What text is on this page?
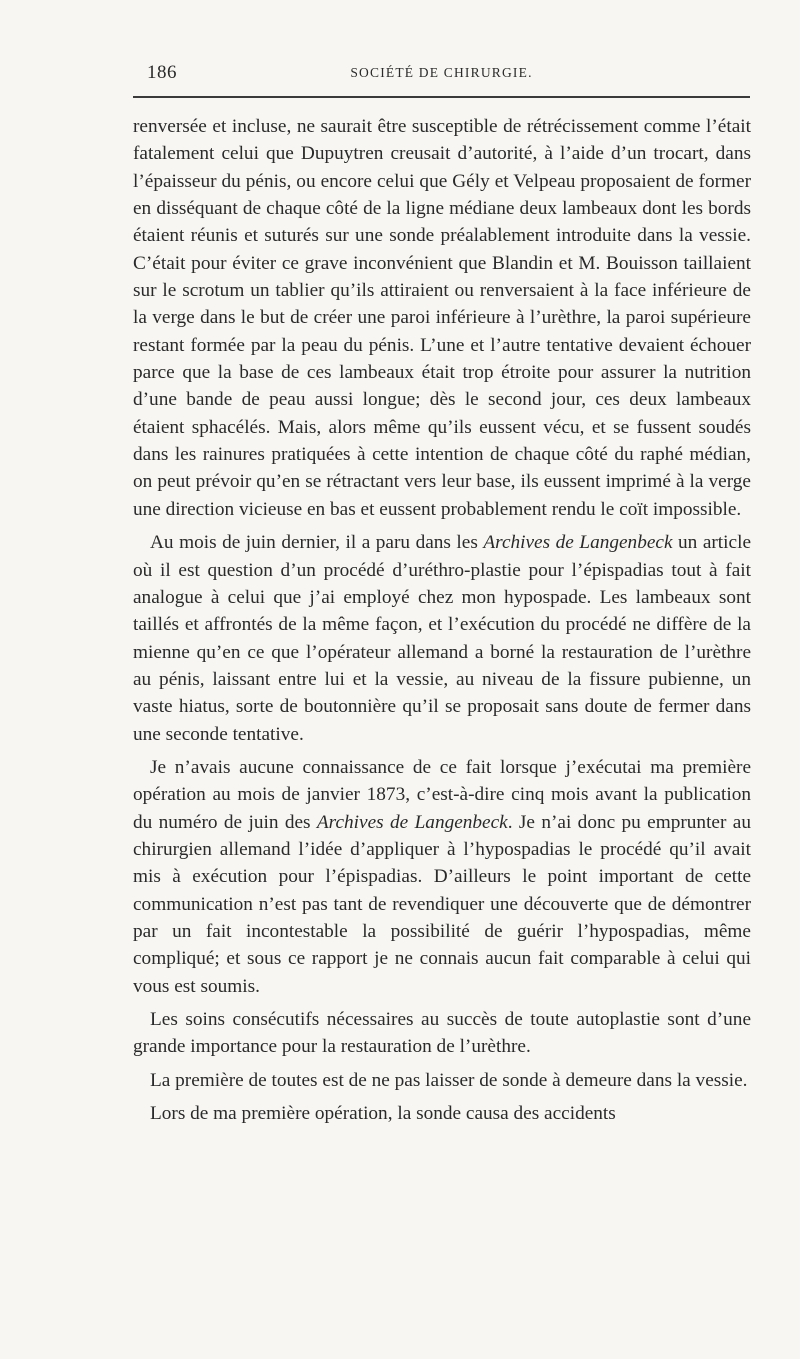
186	SOCIÉTÉ DE CHIRURGIE.

renversée et incluse, ne saurait être susceptible de rétrécissement comme l’était fatalement celui que Dupuytren creusait d’autorité, à l’aide d’un trocart, dans l’épaisseur du pénis, ou encore celui que Gély et Velpeau proposaient de former en disséquant de chaque côté de la ligne médiane deux lambeaux dont les bords étaient réunis et suturés sur une sonde préalablement introduite dans la vessie. C’était pour éviter ce grave inconvénient que Blandin et M. Bouisson taillaient sur le scrotum un tablier qu’ils attiraient ou renversaient à la face inférieure de la verge dans le but de créer une paroi inférieure à l’urèthre, la paroi supérieure restant formée par la peau du pénis. L’une et l’autre tentative devaient échouer parce que la base de ces lambeaux était trop étroite pour assurer la nutrition d’une bande de peau aussi longue; dès le second jour, ces deux lambeaux étaient sphacélés. Mais, alors même qu’ils eussent vécu, et se fussent soudés dans les rainures pratiquées à cette intention de chaque côté du raphé médian, on peut prévoir qu’en se rétractant vers leur base, ils eussent imprimé à la verge une direction vicieuse en bas et eussent probablement rendu le coït impossible.

Au mois de juin dernier, il a paru dans les Archives de Langenbeck un article où il est question d’un procédé d’uréthro-plastie pour l’épispadias tout à fait analogue à celui que j’ai employé chez mon hypospade. Les lambeaux sont taillés et affrontés de la même façon, et l’exécution du procédé ne diffère de la mienne qu’en ce que l’opérateur allemand a borné la restauration de l’urèthre au pénis, laissant entre lui et la vessie, au niveau de la fissure pubienne, un vaste hiatus, sorte de boutonnière qu’il se proposait sans doute de fermer dans une seconde tentative.

Je n’avais aucune connaissance de ce fait lorsque j’exécutai ma première opération au mois de janvier 1873, c’est-à-dire cinq mois avant la publication du numéro de juin des Archives de Langenbeck. Je n’ai donc pu emprunter au chirurgien allemand l’idée d’appliquer à l’hypospadias le procédé qu’il avait mis à exécution pour l’épispadias. D’ailleurs le point important de cette communication n’est pas tant de revendiquer une découverte que de démontrer par un fait incontestable la possibilité de guérir l’hypospadias, même compliqué; et sous ce rapport je ne connais aucun fait comparable à celui qui vous est soumis.

Les soins consécutifs nécessaires au succès de toute autoplastie sont d’une grande importance pour la restauration de l’urèthre.

La première de toutes est de ne pas laisser de sonde à demeure dans la vessie.

Lors de ma première opération, la sonde causa des accidents
